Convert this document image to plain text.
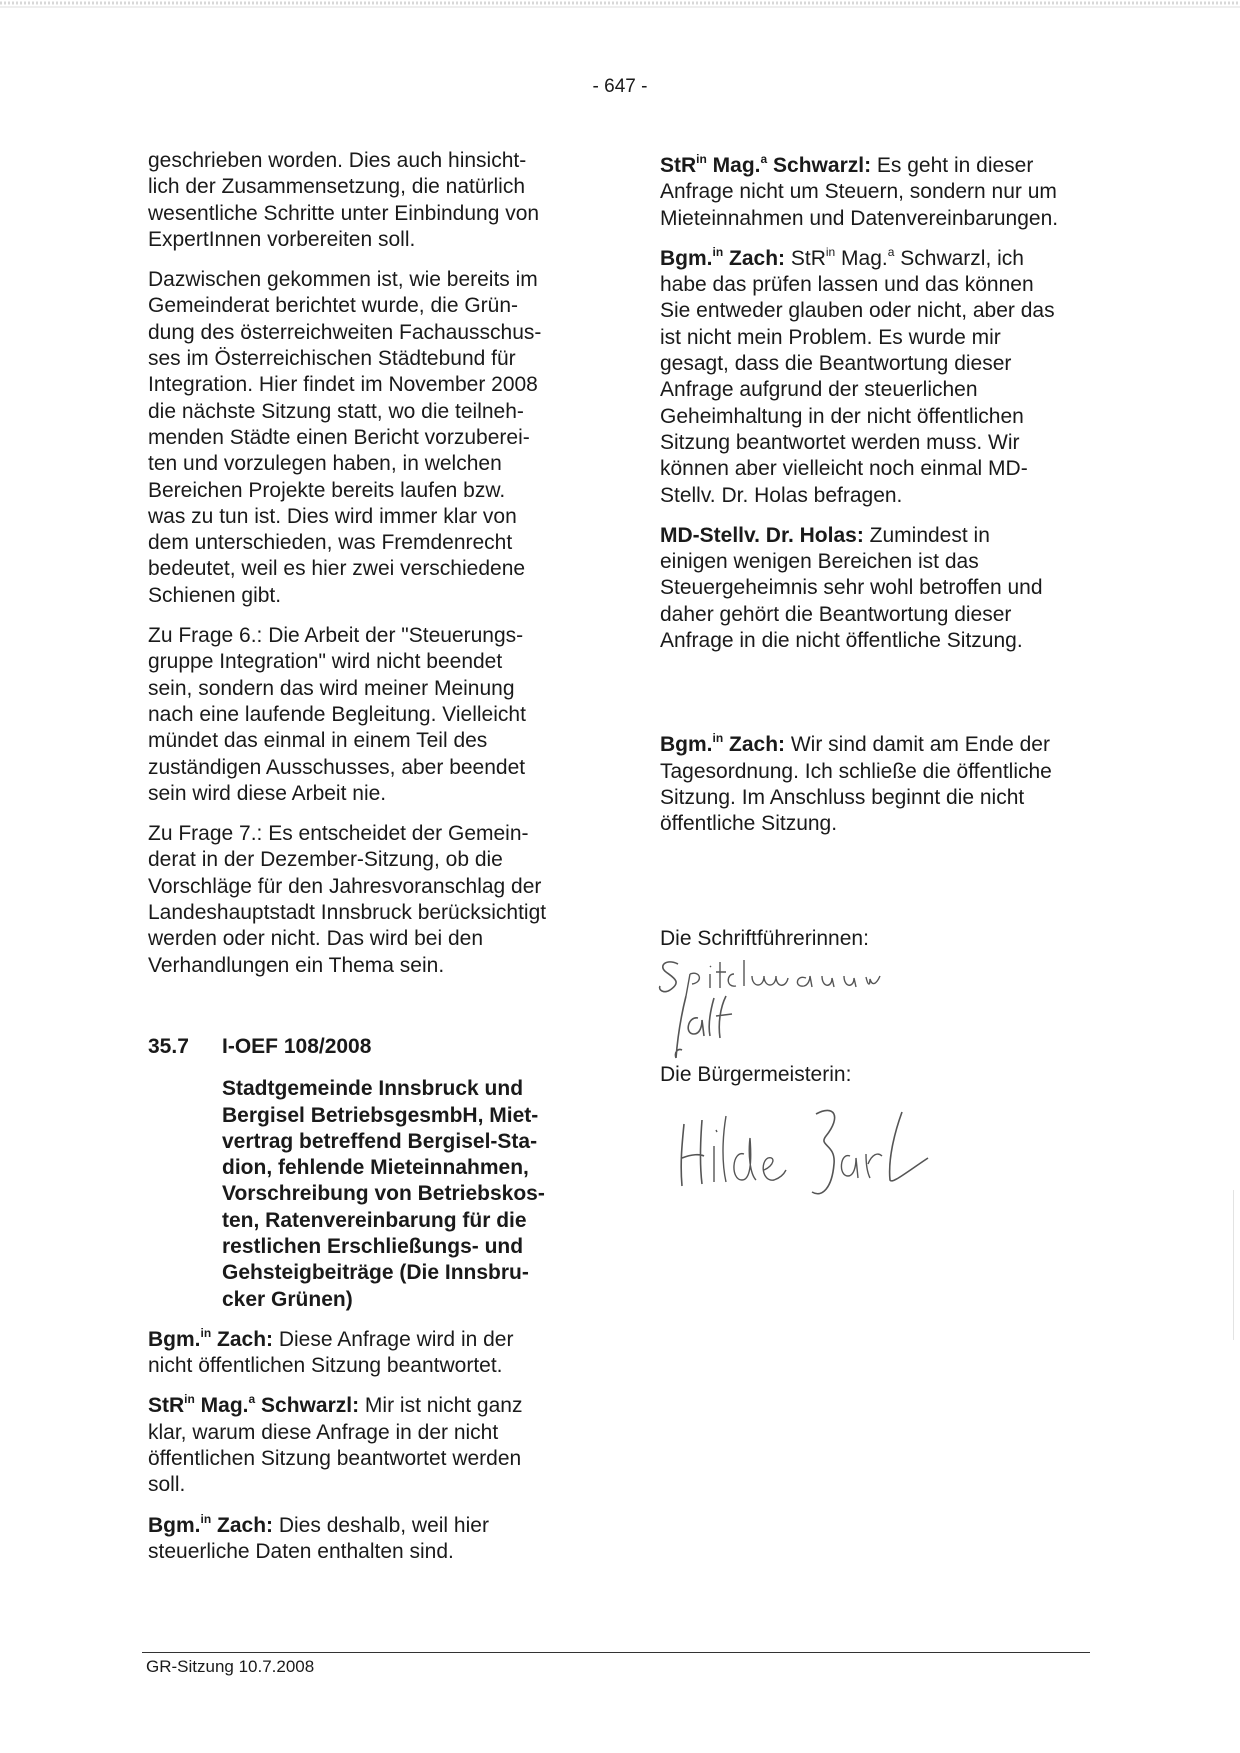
- 647 -
geschrieben worden. Dies auch hinsicht-
lich der Zusammensetzung, die natürlich
wesentliche Schritte unter Einbindung von
ExpertInnen vorbereiten soll.
Dazwischen gekommen ist, wie bereits im
Gemeinderat berichtet wurde, die Grün-
dung des österreichweiten Fachausschus-
ses im Österreichischen Städtebund für
Integration. Hier findet im November 2008
die nächste Sitzung statt, wo die teilneh-
menden Städte einen Bericht vorzuberei-
ten und vorzulegen haben, in welchen
Bereichen Projekte bereits laufen bzw.
was zu tun ist. Dies wird immer klar von
dem unterschieden, was Fremdenrecht
bedeutet, weil es hier zwei verschiedene
Schienen gibt.
Zu Frage 6.: Die Arbeit der "Steuerungs-
gruppe Integration" wird nicht beendet
sein, sondern das wird meiner Meinung
nach eine laufende Begleitung. Vielleicht
mündet das einmal in einem Teil des
zuständigen Ausschusses, aber beendet
sein wird diese Arbeit nie.
Zu Frage 7.: Es entscheidet der Gemein-
derat in der Dezember-Sitzung, ob die
Vorschläge für den Jahresvoranschlag der
Landeshauptstadt Innsbruck berücksichtigt
werden oder nicht. Das wird bei den
Verhandlungen ein Thema sein.
35.7 I-OEF 108/2008
Stadtgemeinde Innsbruck und
Bergisel BetriebsgesmbH, Miet-
vertrag betreffend Bergisel-Sta-
dion, fehlende Mieteinnahmen,
Vorschreibung von Betriebskos-
ten, Ratenvereinbarung für die
restlichen Erschließungs- und
Gehsteigbeiträge (Die Innsbru-
cker Grünen)
Bgm.$^{in}$ Zach: Diese Anfrage wird in der
nicht öffentlichen Sitzung beantwortet.
StR$^{in}$ Mag.$^a$ Schwarzl: Mir ist nicht ganz
klar, warum diese Anfrage in der nicht
öffentlichen Sitzung beantwortet werden
soll.
Bgm.$^{in}$ Zach: Dies deshalb, weil hier
steuerliche Daten enthalten sind.
StR$^{in}$ Mag.$^a$ Schwarzl: Es geht in dieser
Anfrage nicht um Steuern, sondern nur um
Mieteinnahmen und Datenvereinbarungen.
Bgm.$^{in}$ Zach: StR$^{in}$ Mag.$^a$ Schwarzl, ich
habe das prüfen lassen und das können
Sie entweder glauben oder nicht, aber das
ist nicht mein Problem. Es wurde mir
gesagt, dass die Beantwortung dieser
Anfrage aufgrund der steuerlichen
Geheimhaltung in der nicht öffentlichen
Sitzung beantwortet werden muss. Wir
können aber vielleicht noch einmal MD-
Stellv. Dr. Holas befragen.
MD-Stellv. Dr. Holas: Zumindest in
einigen wenigen Bereichen ist das
Steuergeheimnis sehr wohl betroffen und
daher gehört die Beantwortung dieser
Anfrage in die nicht öffentliche Sitzung.
Bgm.$^{in}$ Zach: Wir sind damit am Ende der
Tagesordnung. Ich schließe die öffentliche
Sitzung. Im Anschluss beginnt die nicht
öffentliche Sitzung.

Die Schriftführerinnen:

Die Bürgermeisterin:

GR-Sitzung 10.7.2008
